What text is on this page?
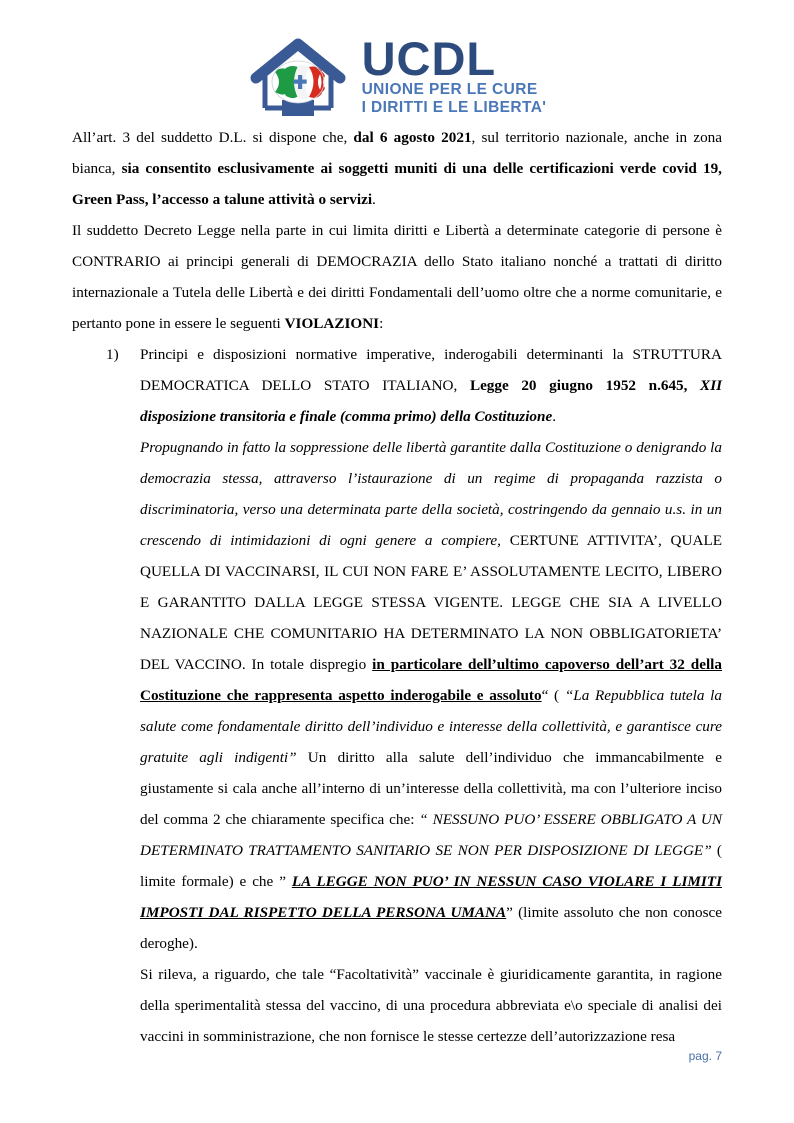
UCDL
UNIONE PER LE CURE
I DIRITTI E LE LIBERTA'

All’art. 3 del suddetto D.L. si dispone che, dal 6 agosto 2021, sul territorio nazionale, anche in zona bianca, sia consentito esclusivamente ai soggetti muniti di una delle certificazioni verde covid 19, Green Pass, l’accesso a talune attività o servizi.

Il suddetto Decreto Legge nella parte in cui limita diritti e Libertà a determinate categorie di persone è CONTRARIO ai principi generali di DEMOCRAZIA dello Stato italiano nonché a trattati di diritto internazionale a Tutela delle Libertà e dei diritti Fondamentali dell’uomo oltre che a norme comunitarie, e pertanto pone in essere le seguenti VIOLAZIONI:

1)	Principi e disposizioni normative imperative, inderogabili determinanti la STRUTTURA DEMOCRATICA DELLO STATO ITALIANO, Legge 20 giugno 1952 n.645, XII disposizione transitoria e finale (comma primo) della Costituzione.

Propugnando in fatto la soppressione delle libertà garantite dalla Costituzione o denigrando la democrazia stessa, attraverso l’istaurazione di un regime di propaganda razzista o discriminatoria, verso una determinata parte della società, costringendo da gennaio u.s. in un crescendo di intimidazioni di ogni genere a compiere, CERTUNE ATTIVITA’, QUALE QUELLA DI VACCINARSI, IL CUI NON FARE E’ ASSOLUTAMENTE LECITO, LIBERO E GARANTITO DALLA LEGGE STESSA VIGENTE. LEGGE CHE SIA A LIVELLO NAZIONALE CHE COMUNITARIO HA DETERMINATO LA NON OBBLIGATORIETA’ DEL VACCINO. In totale dispregio in particolare dell’ultimo capoverso dell’art 32 della Costituzione che rappresenta aspetto inderogabile e assoluto“ ( “La Repubblica tutela la salute come fondamentale diritto dell’individuo e interesse della collettività, e garantisce cure gratuite agli indigenti” Un diritto alla salute dell’individuo che immancabilmente e giustamente si cala anche all’interno di un’interesse della collettività, ma con l’ulteriore inciso del comma 2 che chiaramente specifica che: “ NESSUNO PUO’ ESSERE OBBLIGATO A UN DETERMINATO TRATTAMENTO SANITARIO SE NON PER DISPOSIZIONE DI LEGGE” ( limite formale) e che ” LA LEGGE NON PUO’ IN NESSUN CASO VIOLARE I LIMITI IMPOSTI DAL RISPETTO DELLA PERSONA UMANA” (limite assoluto che non conosce deroghe).

Si rileva, a riguardo, che tale “Facoltatività” vaccinale è giuridicamente garantita, in ragione della sperimentalità stessa del vaccino, di una procedura abbreviata e\o speciale di analisi dei vaccini in somministrazione, che non fornisce le stesse certezze dell’autorizzazione resa

pag. 7
